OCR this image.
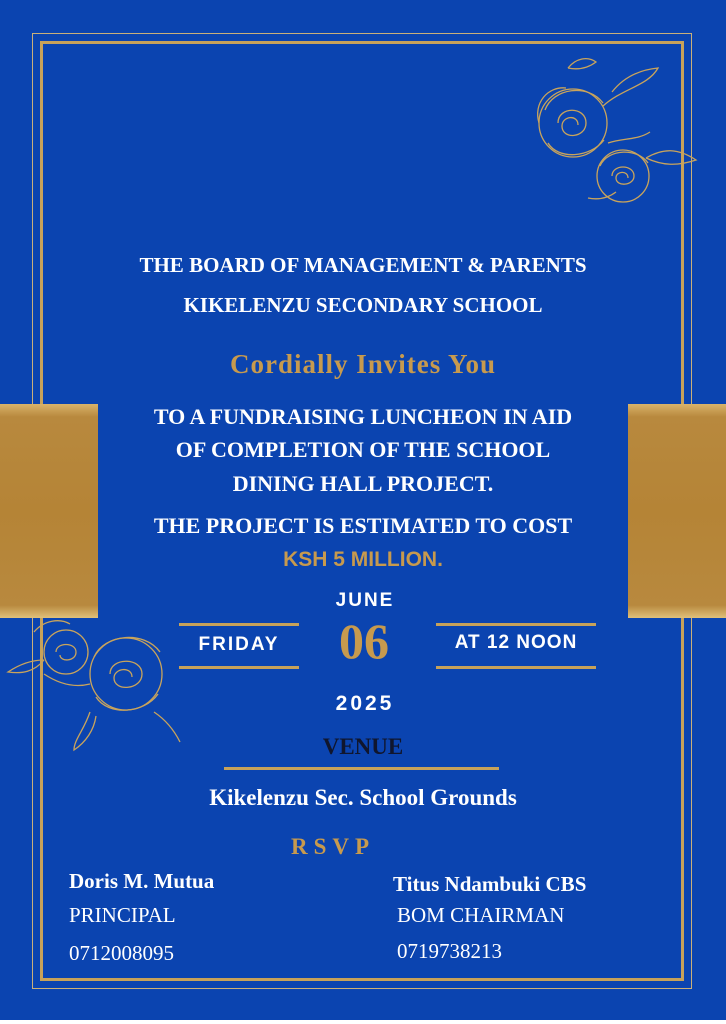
THE BOARD OF MANAGEMENT & PARENTS
KIKELENZU SECONDARY SCHOOL
Cordially Invites You
TO A FUNDRAISING LUNCHEON IN AID
OF COMPLETION OF THE SCHOOL
DINING HALL PROJECT.
THE PROJECT IS ESTIMATED TO COST
KSH 5 MILLION.
JUNE
FRIDAY	06	AT 12 NOON
2025
VENUE
Kikelenzu Sec. School Grounds
RSVP
Doris M. Mutua
PRINCIPAL
0712008095
Titus Ndambuki CBS
BOM CHAIRMAN
0719738213
